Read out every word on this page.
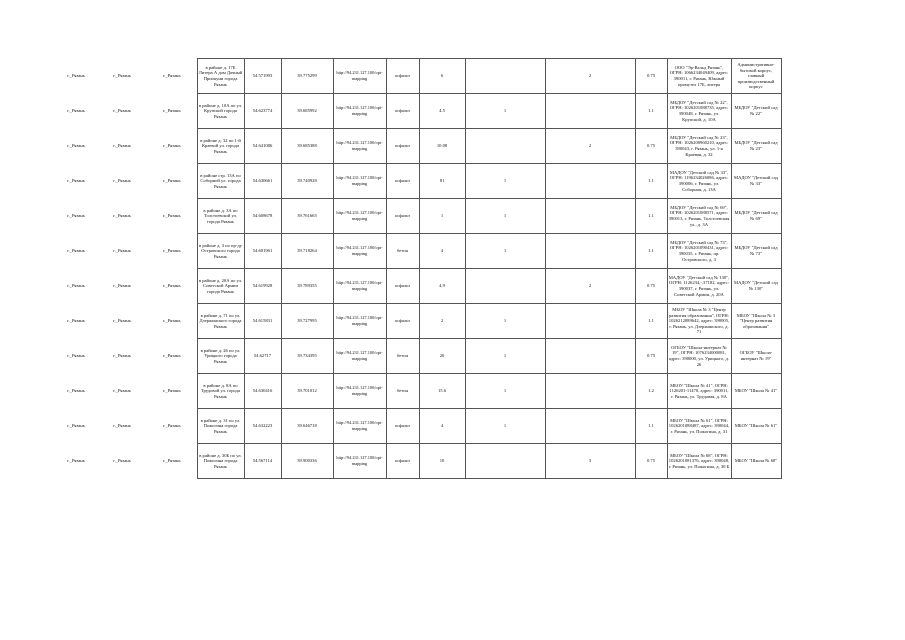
г._Рязань	г._Рязань	г._Рязань	в районе д. 17Б Литера А дом Дачный Приокуни города Рязань	54.571993	39.775299	http://94.231.127.100/opt-mapping	асфальт	6		2	0.75	ООО "Эр-Вальд Рязань", ОГРН: 1066234049409, адрес: 390011, г. Рязань, Южный промузел 17Б, литера	Административно-бытовой корпус, главный производственный корпус
г._Рязань	г._Рязань	г._Рязань	в районе д. 10А по ул. Крупской города Рязань	54.623774	39.685992	http://94.231.127.100/opt-mapping	асфальт	4.5	1		1.1	МБДОУ "Детский сад № 22", ОГРН: 1026201088735, адрес: 390048, г. Рязань, ул. Крупской, д. 10А	МБДОУ "Детский сад № 22"
г._Рязань	г._Рязань	г._Рязань	в районе д. 32 по 1-й Краевой ул. города Рязань	54.641086	39.685388	http://94.231.127.100/opt-mapping	асфальт	10.08		2	0.75	МБДОУ "Детский сад № 23", ОГРН: 1026200960210, адрес: 390043, г. Рязань, ул. 1-я Краевая, д. 32	МБДОУ "Детский сад № 23"
г._Рязань	г._Рязань	г._Рязань	в районе стр. 13А по Соборной ул. города Рязань	54.630661	39.740928	http://94.231.127.100/opt-mapping	асфальт	81	1		1.1	МАДОУ "Детский сад № 33", ОГРН: 1196234026086, адрес: 390006, г. Рязань, ул. Соборная, д. 13А	МАДОУ "Детский сад № 33"
г._Рязань	г._Рязань	г._Рязань	в районе д. 3А по Толстоевской ул. города Рязань	54.608678	39.761665	http://94.231.127.100/opt-mapping	асфальт	1	1		1.1	МБДОУ "Детский сад № 69", ОГРН: 1026201088571, адрес: 390013, г. Рязань, Толстоевская ул., д. 3А	МБДОУ "Детский сад № 69"
г._Рязань	г._Рязань	г._Рязань	в районе д. 3 по пр-ду Островского города Рязань	54.601961	39.718264	http://94.231.127.100/opt-mapping	бетон	4	1		1.1	МБДОУ "Детский сад № 73", ОГРН: 1026201090431, адрес: 390035, г. Рязань, пр. Островского, д. 3	МБДОУ "Детский сад № 73"
г._Рязань	г._Рязань	г._Рязань	в районе д. 20А по ул. Советской Армии города Рязань	54.619928	39.789355	http://94.231.127.100/opt-mapping	асфальт	4.9		2	0.75	МАДОУ "Детский сад № 130", ОГРН: 1126234,-,37182, адрес: 390037, г. Рязань, ул. Советской Армии, д. 20А	МАДОУ "Детский сад № 130"
г._Рязань	г._Рязань	г._Рязань	в районе д. 71 по ул. Дзержинского города Рязань	54.615831	39.727995	http://94.231.127.100/opt-mapping	асфальт	2	1		1.1	МБОУ "Школа № 3 "Центр развития образования", ОГРН: 1026212089642, адрес: 390005, г. Рязань, ул. Дзержинского, д. 71	МБОУ "Школа № 3 "Центр развития образования"
г._Рязань	г._Рязань	г._Рязань	в районе д. 26 по ул. Урицкого города Рязань	54.62717	39.734395	http://94.231.127.100/opt-mapping	бетон	20	1		0.75	ОГБОУ "Школа-интернат № 19", ОГРН: 1076234000081, адрес: 390000, ул. Урицкого, д. 26	ОГБОУ "Школа-интернат № 19"
г._Рязань	г._Рязань	г._Рязань	в районе д. 8А по Трудовой ул. города Рязань	54.630416	39.701012	http://94.231.127.100/opt-mapping	бетон	15.6	1		1.2	МБОУ "Школа № 41", ОГРН: 1126201-11470, адрес: 390011, г. Рязань, ул. Трудовая, д. 8А	МБОУ "Школа № 41"
г._Рязань	г._Рязань	г._Рязань	в районе д. 31 по ул. Пожогина города Рязань	54.632223	39.646718	http://94.231.127.100/opt-mapping	асфальт	4	1		1.1	МБОУ "Школа № 61", ОГРН: 1026201088487, адрес: 390044, г. Рязань, ул. Пожогина, д. 31	МБОУ "Школа № 61"
г._Рязань	г._Рязань	г._Рязань	в районе д. 30Б по ул. Пожогина города Рязань	54.567114	39.900336	http://94.231.127.100/opt-mapping	асфальт	10		3	0.75	МБОУ "Школа № 68", ОГРН: 1026201081376, адрес: 390048, г. Рязань, ул. Пожогина, д. 30 Б	МБОУ "Школа № 68"
